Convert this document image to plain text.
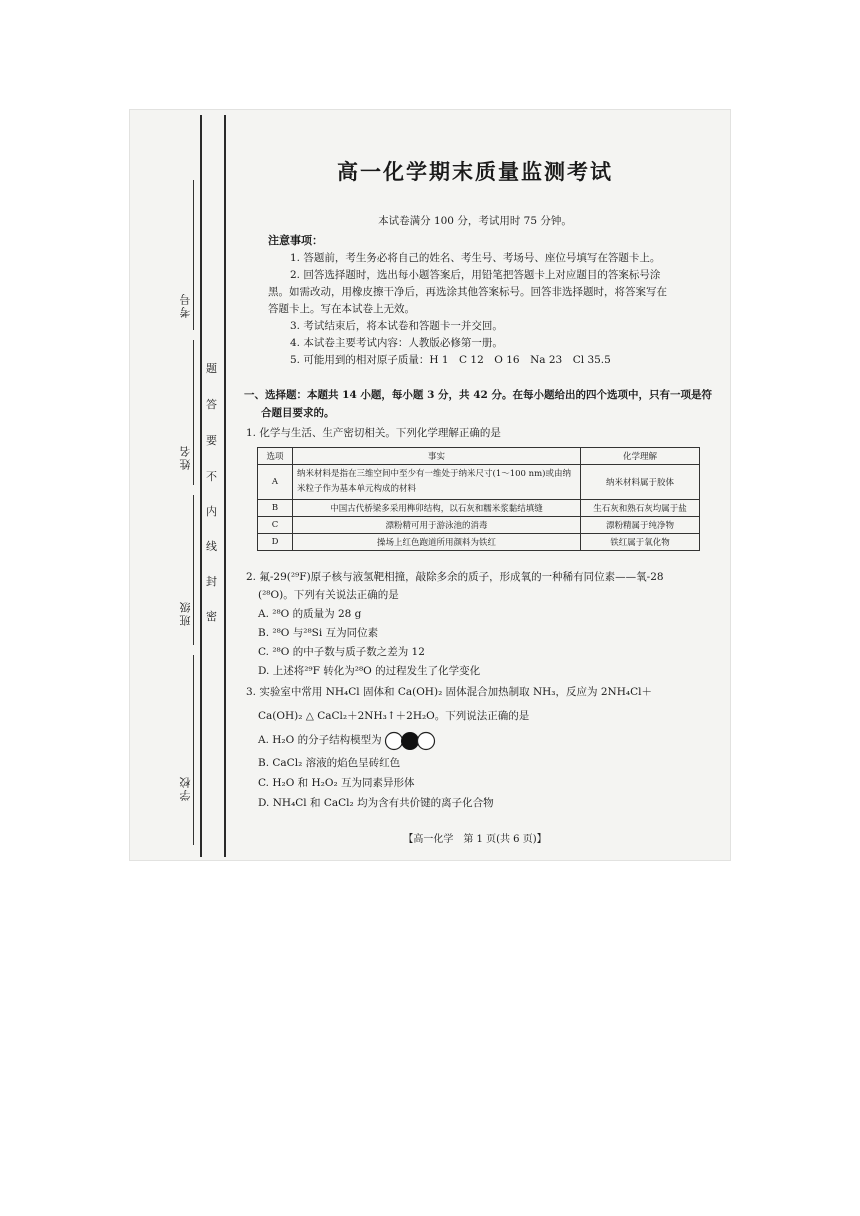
考号
姓名
班级
学校
题
答
要
不
内
线
封
密
高一化学期末质量监测考试
本试卷满分 100 分，考试用时 75 分钟。
注意事项：
1. 答题前，考生务必将自己的姓名、考生号、考场号、座位号填写在答题卡上。
2. 回答选择题时，选出每小题答案后，用铅笔把答题卡上对应题目的答案标号涂
黑。如需改动，用橡皮擦干净后，再选涂其他答案标号。回答非选择题时，将答案写在
答题卡上。写在本试卷上无效。
3. 考试结束后，将本试卷和答题卡一并交回。
4. 本试卷主要考试内容：人教版必修第一册。
5. 可能用到的相对原子质量：H 1　C 12　O 16　Na 23　Cl 35.5
一、选择题：本题共 14 小题，每小题 3 分，共 42 分。在每小题给出的四个选项中，只有一项是符
合题目要求的。
1. 化学与生活、生产密切相关。下列化学理解正确的是
选项	事实	化学理解
A	纳米材料是指在三维空间中至少有一维处于纳米尺寸(1～100 nm)或由纳米粒子作为基本单元构成的材料	纳米材料属于胶体
B	中国古代桥梁多采用榫卯结构，以石灰和糯米浆黏结填缝	生石灰和熟石灰均属于盐
C	漂粉精可用于游泳池的消毒	漂粉精属于纯净物
D	操场上红色跑道所用颜料为铁红	铁红属于氧化物
2. 氟-29(²⁹F)原子核与液氢靶相撞，敲除多余的质子，形成氧的一种稀有同位素——氧-28
(²⁸O)。下列有关说法正确的是
A. ²⁸O 的质量为 28 g
B. ²⁸O 与²⁸Si 互为同位素
C. ²⁸O 的中子数与质子数之差为 12
D. 上述将²⁹F 转化为²⁸O 的过程发生了化学变化
3. 实验室中常用 NH₄Cl 固体和 Ca(OH)₂ 固体混合加热制取 NH₃，反应为 2NH₄Cl＋
Ca(OH)₂ △ CaCl₂＋2NH₃↑＋2H₂O。下列说法正确的是
A. H₂O 的分子结构模型为
B. CaCl₂ 溶液的焰色呈砖红色
C. H₂O 和 H₂O₂ 互为同素异形体
D. NH₄Cl 和 CaCl₂ 均为含有共价键的离子化合物
【高一化学　第 1 页(共 6 页)】
